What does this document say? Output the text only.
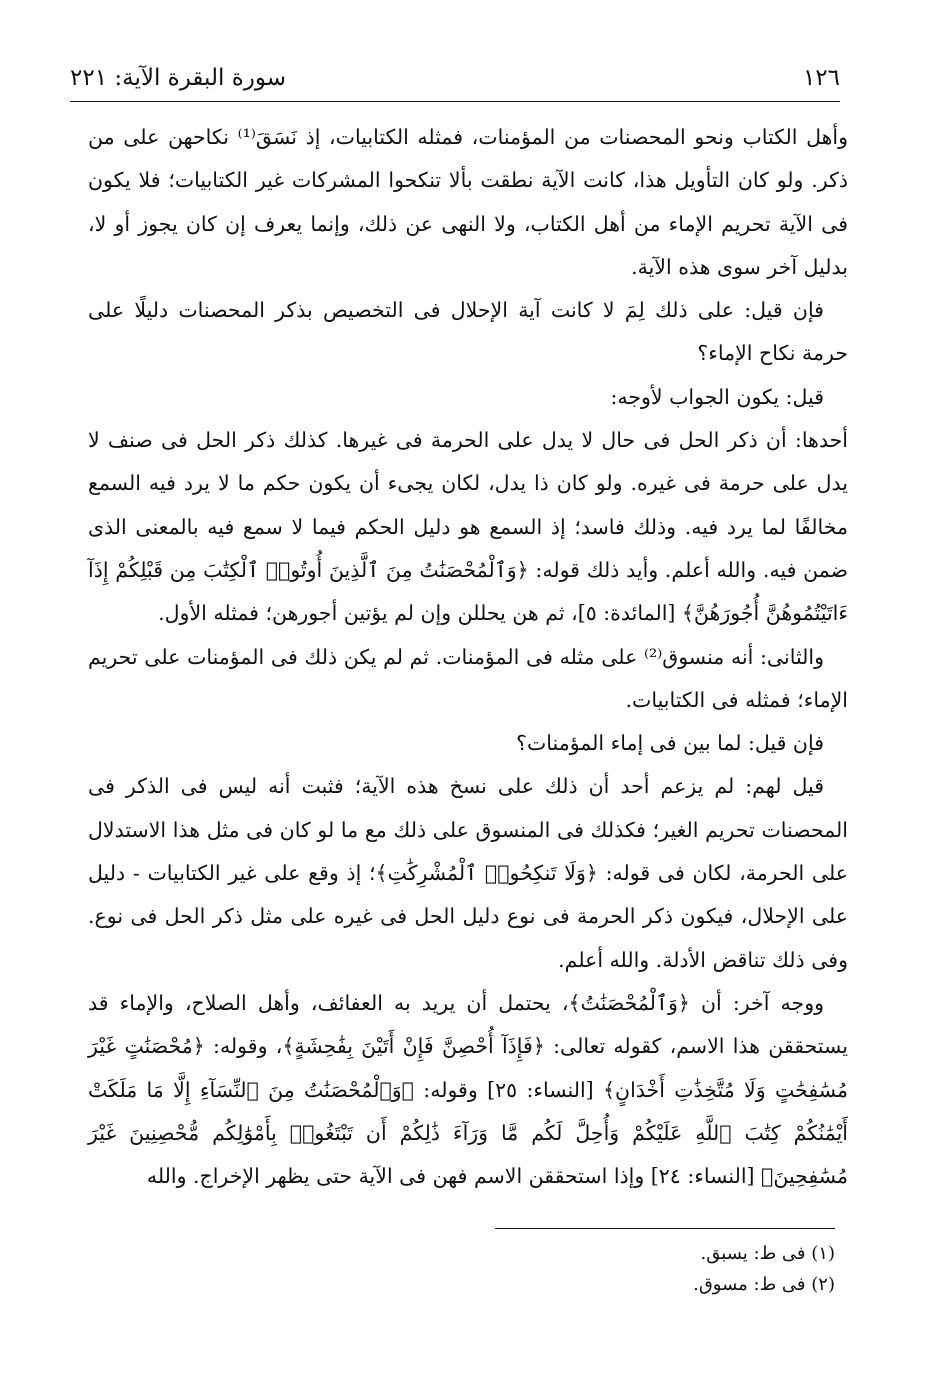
١٢٦
سورة البقرة الآية: ٢٢١

وأهل الكتاب ونحو المحصنات من المؤمنات، فمثله الكتابيات، إذ نَسَقَ⁽¹⁾ نكاحهن على من ذكر. ولو كان التأويل هذا، كانت الآية نطقت بألا تنكحوا المشركات غير الكتابيات؛ فلا يكون فى الآية تحريم الإماء من أهل الكتاب، ولا النهى عن ذلك، وإنما يعرف إن كان يجوز أو لا، بدليل آخر سوى هذه الآية.

فإن قيل: على ذلك لِمَ لا كانت آية الإحلال فى التخصيص بذكر المحصنات دليلًا على حرمة نكاح الإماء؟

قيل: يكون الجواب لأوجه:

أحدها: أن ذكر الحل فى حال لا يدل على الحرمة فى غيرها. كذلك ذكر الحل فى صنف لا يدل على حرمة فى غيره. ولو كان ذا يدل، لكان يجىء أن يكون حكم ما لا يرد فيه السمع مخالفًا لما يرد فيه. وذلك فاسد؛ إذ السمع هو دليل الحكم فيما لا سمع فيه بالمعنى الذى ضمن فيه. والله أعلم. وأيد ذلك قوله: ﴿وَٱلْمُحْصَنَٰتُ مِنَ ٱلَّذِينَ أُوتُوا۟ ٱلْكِتَٰبَ مِن قَبْلِكُمْ إِذَآ ءَاتَيْتُمُوهُنَّ أُجُورَهُنَّ﴾ [المائدة: ٥]، ثم هن يحللن وإن لم يؤتين أجورهن؛ فمثله الأول.

والثانى: أنه منسوق⁽²⁾ على مثله فى المؤمنات. ثم لم يكن ذلك فى المؤمنات على تحريم الإماء؛ فمثله فى الكتابيات.

فإن قيل: لما بين فى إماء المؤمنات؟

قيل لهم: لم يزعم أحد أن ذلك على نسخ هذه الآية؛ فثبت أنه ليس فى الذكر فى المحصنات تحريم الغير؛ فكذلك فى المنسوق على ذلك مع ما لو كان فى مثل هذا الاستدلال على الحرمة، لكان فى قوله: ﴿وَلَا تَنكِحُوا۟ ٱلْمُشْرِكَٰتِ﴾؛ إذ وقع على غير الكتابيات - دليل على الإحلال، فيكون ذكر الحرمة فى نوع دليل الحل فى غيره على مثل ذكر الحل فى نوع. وفى ذلك تناقض الأدلة. والله أعلم.

ووجه آخر: أن ﴿وَٱلْمُحْصَنَٰتُ﴾، يحتمل أن يريد به العفائف، وأهل الصلاح، والإماء قد يستحققن هذا الاسم، كقوله تعالى: ﴿فَإِذَآ أُحْصِنَّ فَإِنْ أَتَيْنَ بِفَٰحِشَةٍ﴾، وقوله: ﴿مُحْصَنَٰتٍ غَيْرَ مُسَٰفِحَٰتٍ وَلَا مُتَّخِذَٰتِ أَخْدَانٍ﴾ [النساء: ٢٥] وقوله: ﴿وَٱلْمُحْصَنَٰتُ مِنَ ٱلنِّسَآءِ إِلَّا مَا مَلَكَتْ أَيْمَٰنُكُمْ كِتَٰبَ ٱللَّهِ عَلَيْكُمْ وَأُحِلَّ لَكُم مَّا وَرَآءَ ذَٰلِكُمْ أَن تَبْتَغُوا۟ بِأَمْوَٰلِكُم مُّحْصِنِينَ غَيْرَ مُسَٰفِحِينَ﴾ [النساء: ٢٤] وإذا استحققن الاسم فهن فى الآية حتى يظهر الإخراج. والله

(١) فى ط: يسبق.

(٢) فى ط: مسوق.
